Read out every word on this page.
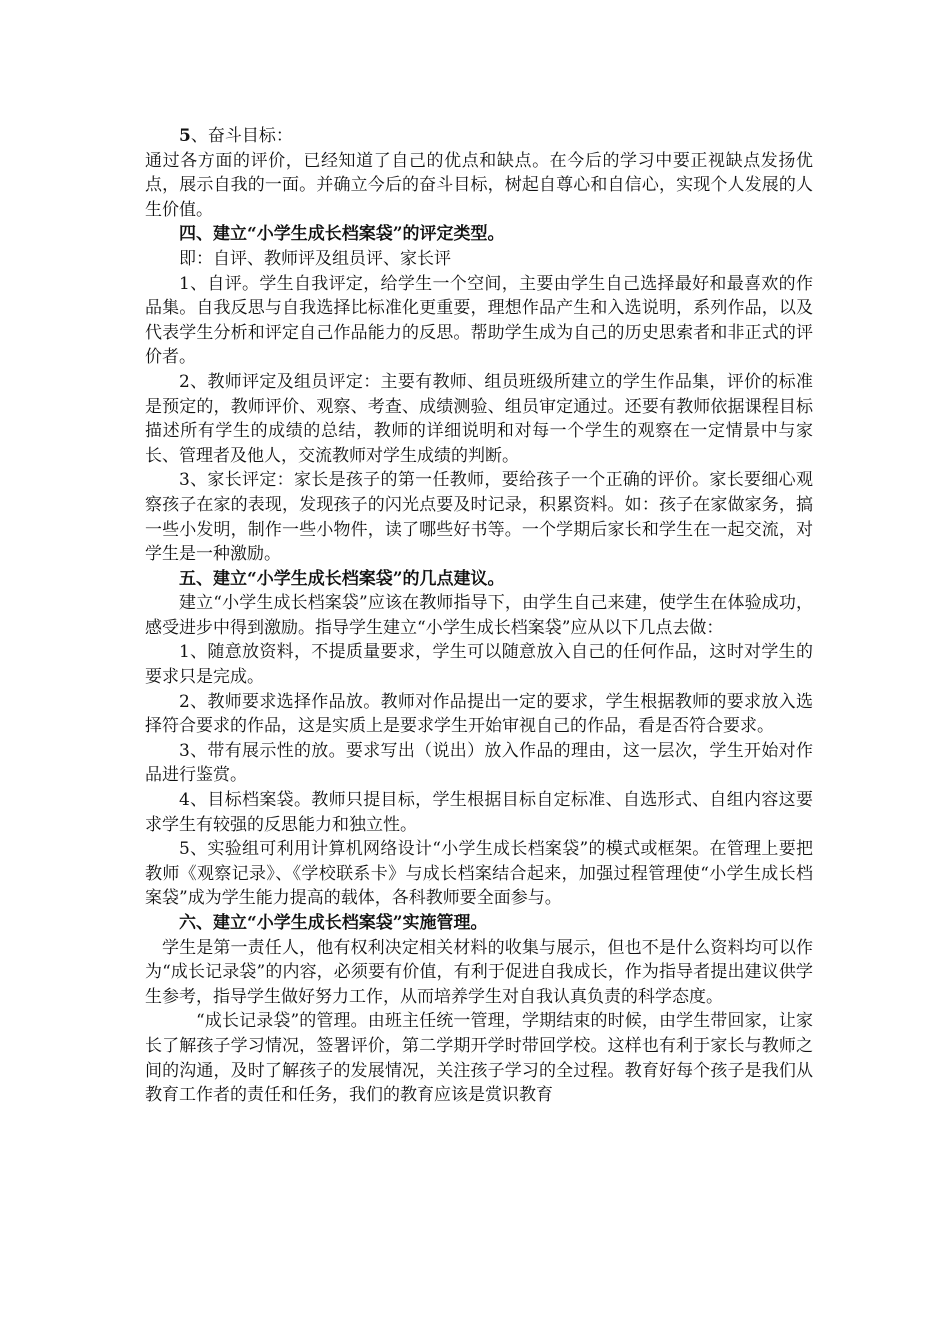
5、奋斗目标：

通过各方面的评价，已经知道了自己的优点和缺点。在今后的学习中要正视缺点发扬优点，展示自我的一面。并确立今后的奋斗目标，树起自尊心和自信心，实现个人发展的人生价值。

四、建立“小学生成长档案袋”的评定类型。

即：自评、教师评及组员评、家长评

1、自评。学生自我评定，给学生一个空间，主要由学生自己选择最好和最喜欢的作品集。自我反思与自我选择比标准化更重要，理想作品产生和入选说明，系列作品，以及代表学生分析和评定自己作品能力的反思。帮助学生成为自己的历史思索者和非正式的评价者。

2、教师评定及组员评定：主要有教师、组员班级所建立的学生作品集，评价的标准是预定的，教师评价、观察、考查、成绩测验、组员审定通过。还要有教师依据课程目标描述所有学生的成绩的总结，教师的详细说明和对每一个学生的观察在一定情景中与家长、管理者及他人，交流教师对学生成绩的判断。

3、家长评定：家长是孩子的第一任教师，要给孩子一个正确的评价。家长要细心观察孩子在家的表现，发现孩子的闪光点要及时记录，积累资料。如：孩子在家做家务，搞一些小发明，制作一些小物件，读了哪些好书等。一个学期后家长和学生在一起交流，对学生是一种激励。

五、建立“小学生成长档案袋”的几点建议。

建立“小学生成长档案袋”应该在教师指导下，由学生自己来建，使学生在体验成功，感受进步中得到激励。指导学生建立“小学生成长档案袋”应从以下几点去做：

1、随意放资料，不提质量要求，学生可以随意放入自己的任何作品，这时对学生的要求只是完成。

2、教师要求选择作品放。教师对作品提出一定的要求，学生根据教师的要求放入选择符合要求的作品，这是实质上是要求学生开始审视自己的作品，看是否符合要求。

3、带有展示性的放。要求写出（说出）放入作品的理由，这一层次，学生开始对作品进行鉴赏。

4、目标档案袋。教师只提目标，学生根据目标自定标准、自选形式、自组内容这要求学生有较强的反思能力和独立性。

5、实验组可利用计算机网络设计“小学生成长档案袋”的模式或框架。在管理上要把教师《观察记录》、《学校联系卡》与成长档案结合起来，加强过程管理使“小学生成长档案袋”成为学生能力提高的载体，各科教师要全面参与。

六、建立“小学生成长档案袋”实施管理。

学生是第一责任人，他有权利决定相关材料的收集与展示，但也不是什么资料均可以作为“成长记录袋”的内容，必须要有价值，有利于促进自我成长，作为指导者提出建议供学生参考，指导学生做好努力工作，从而培养学生对自我认真负责的科学态度。

“成长记录袋”的管理。由班主任统一管理，学期结束的时候，由学生带回家，让家长了解孩子学习情况，签署评价，第二学期开学时带回学校。这样也有利于家长与教师之间的沟通，及时了解孩子的发展情况，关注孩子学习的全过程。教育好每个孩子是我们从教育工作者的责任和任务，我们的教育应该是赏识教育
